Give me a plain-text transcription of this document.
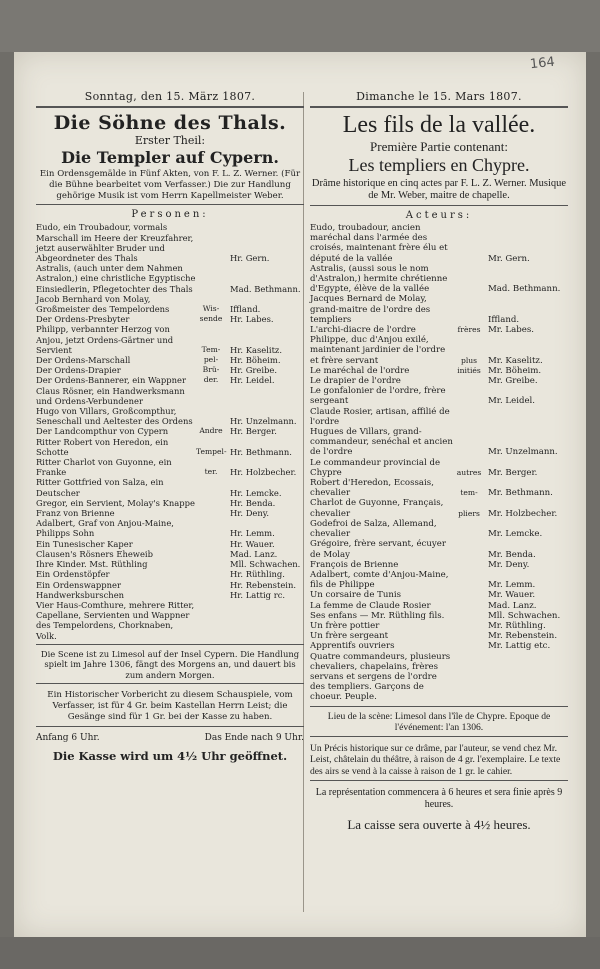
164
Sonntag, den 15. März 1807.
Die Söhne des Thals.
Erster Theil:
Die Templer auf Cypern.
Ein Ordensgemälde in Fünf Akten, von F. L. Z. Werner. (Für die Bühne bearbeitet vom Verfasser.) Die zur Handlung gehörige Musik ist vom Herrn Kapellmeister Weber.
Personen:
Eudo, ein Troubadour, vormals Marschall im Heere der Kreuzfahrer, jetzt auserwählter Bruder und Abgeordneter des Thals	Hr. Gern.
Astralis, (auch unter dem Nahmen Astralon,) eine christliche Egyptische Einsiedlerin, Pflegetochter des Thals	Mad. Bethmann.
Jacob Bernhard von Molay, Großmeister des Tempelordens	Wis-	Iffland.
Der Ordens-Presbyter	sende Hr. Labes.
Philipp, verbannter Herzog von Anjou, jetzt Ordens-Gärtner und Servient	Tem-	Hr. Kaselitz.
Der Ordens-Marschall	pel-	Hr. Böheim.
Der Ordens-Drapier	Brü-	Hr. Greibe.
Der Ordens-Bannerer, ein Wappner	der.	Hr. Leidel.
Claus Rösner, ein Handwerksmann und Ordens-Verbundener
Hugo von Villars, Großcompthur, Seneschall und Aeltester des Ordens	Hr. Unzelmann.
Der Landcompthur von Cypern	Andre Hr. Berger.
Ritter Robert von Heredon, ein Schotte	Tempel- Hr. Bethmann.
Ritter Charlot von Guyonne, ein Franke	ter.	Hr. Holzbecher.
Ritter Gottfried von Salza, ein Deutscher	Hr. Lemcke.
Gregor, ein Servient, Molay's Knappe	Hr. Benda.
Franz von Brienne	Hr. Deny.
Adalbert, Graf von Anjou-Maine, Philipps Sohn	Hr. Lemm.
Ein Tunesischer Kaper	Hr. Wauer.
Clausen's Rösners Eheweib	Mad. Lanz.
Ihre Kinder. Mst. Rüthling	Mll. Schwachen.
Ein Ordenstöpfer	Hr. Rüthling.
Ein Ordenswappner	Hr. Rebenstein.
Handwerksburschen	Hr. Lattig rc.
Vier Haus-Comthure, mehrere Ritter, Capellane, Servienten und Wappner des Tempelordens, Chorknaben, Volk.
Die Scene ist zu Limesol auf der Insel Cypern. Die Handlung spielt im Jahre 1306, fängt des Morgens an, und dauert bis zum andern Morgen.
Ein Historischer Vorbericht zu diesem Schauspiele, vom Verfasser, ist für 4 Gr. beim Kastellan Herrn Leist; die Gesänge sind für 1 Gr. bei der Kasse zu haben.
Anfang 6 Uhr.	Das Ende nach 9 Uhr.
Die Kasse wird um 4½ Uhr geöffnet.
Dimanche le 15. Mars 1807.
Les fils de la vallée.
Première Partie contenant:
Les templiers en Chypre.
Drâme historique en cinq actes par F. L. Z. Werner. Musique de Mr. Weber, maitre de chapelle.
Acteurs:
Eudo, troubadour, ancien maréchal dans l'armée des croisés, maintenant frère élu et député de la vallée	Mr. Gern.
Astralis, (aussi sous le nom d'Astralon,) hermite chrétienne d'Egypte, élève de la vallée	Mad. Bethmann.
Jacques Bernard de Molay, grand-maitre de l'ordre des templiers	Iffland.
L'archi-diacre de l'ordre	frères Mr. Labes.
Philippe, duc d'Anjou exilé, maintenant jardinier de l'ordre et frère servant	plus	Mr. Kaselitz.
Le maréchal de l'ordre	initiés Mr. Böheim.
Le drapier de l'ordre	Mr. Greibe.
Le gonfalonier de l'ordre, frère sergeant	Mr. Leidel.
Claude Rosier, artisan, affilié de l'ordre
Hugues de Villars, grand-commandeur, senéchal et ancien de l'ordre	Mr. Unzelmann.
Le commandeur provincial de Chypre	autres Mr. Berger.
Robert d'Heredon, Ecossais, chevalier	tem-	Mr. Bethmann.
Charlot de Guyonne, Français, chevalier	pliers Mr. Holzbecher.
Godefroi de Salza, Allemand, chevalier	Mr. Lemcke.
Grégoire, frère servant, écuyer de Molay	Mr. Benda.
François de Brienne	Mr. Deny.
Adalbert, comte d'Anjou-Maine, fils de Philippe	Mr. Lemm.
Un corsaire de Tunis	Mr. Wauer.
La femme de Claude Rosier	Mad. Lanz.
Ses enfans — Mr. Rüthling fils.	Mll. Schwachen.
Un frère pottier	Mr. Rüthling.
Un frère sergeant	Mr. Rebenstein.
Apprentifs ouvriers	Mr. Lattig etc.
Quatre commandeurs, plusieurs chevaliers, chapelains, frères servans et sergens de l'ordre des templiers. Garçons de choeur. Peuple.
Lieu de la scène: Limesol dans l'île de Chypre. Epoque de l'événement: l'an 1306.
Un Précis historique sur ce drâme, par l'auteur, se vend chez Mr. Leist, châtelain du théâtre, à raison de 4 gr. l'exemplaire. Le texte des airs se vend à la caisse à raison de 1 gr. le cahier.
La représentation commencera à 6 heures et sera finie après 9 heures.
La caisse sera ouverte à 4½ heures.
